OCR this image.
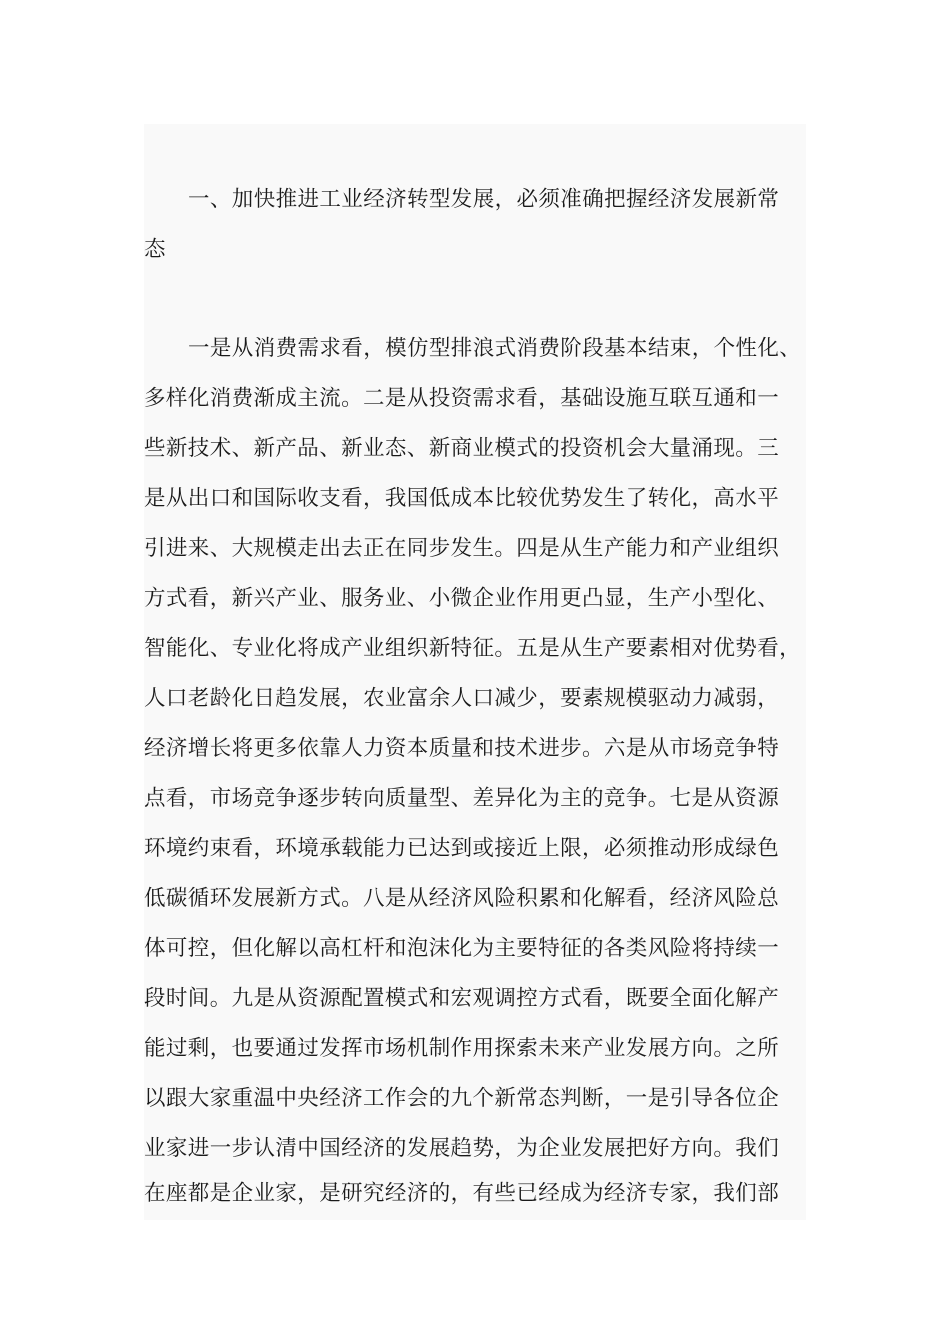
一、加快推进工业经济转型发展，必须准确把握经济发展新常
态
一是从消费需求看，模仿型排浪式消费阶段基本结束，个性化、
多样化消费渐成主流。二是从投资需求看，基础设施互联互通和一
些新技术、新产品、新业态、新商业模式的投资机会大量涌现。三
是从出口和国际收支看，我国低成本比较优势发生了转化，高水平
引进来、大规模走出去正在同步发生。四是从生产能力和产业组织
方式看，新兴产业、服务业、小微企业作用更凸显，生产小型化、
智能化、专业化将成产业组织新特征。五是从生产要素相对优势看，
人口老龄化日趋发展，农业富余人口减少，要素规模驱动力减弱，
经济增长将更多依靠人力资本质量和技术进步。六是从市场竞争特
点看，市场竞争逐步转向质量型、差异化为主的竞争。七是从资源
环境约束看，环境承载能力已达到或接近上限，必须推动形成绿色
低碳循环发展新方式。八是从经济风险积累和化解看，经济风险总
体可控，但化解以高杠杆和泡沫化为主要特征的各类风险将持续一
段时间。九是从资源配置模式和宏观调控方式看，既要全面化解产
能过剩，也要通过发挥市场机制作用探索未来产业发展方向。之所
以跟大家重温中央经济工作会的九个新常态判断，一是引导各位企
业家进一步认清中国经济的发展趋势，为企业发展把好方向。我们
在座都是企业家，是研究经济的，有些已经成为经济专家，我们部
